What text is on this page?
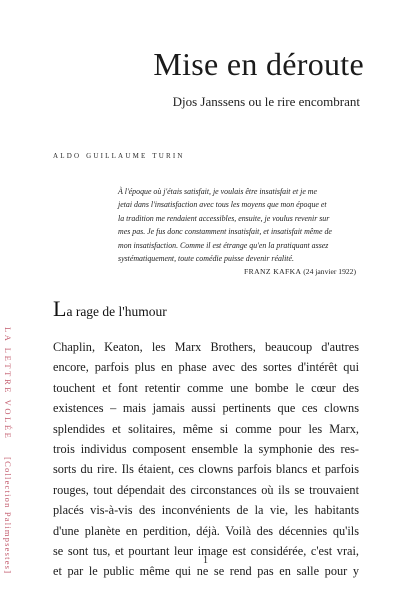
Mise en déroute
Djos Janssens ou le rire encombrant
aldo guillaume turin
À l'époque où j'étais satisfait, je voulais être insatisfait et je me
jetai dans l'insatisfaction avec tous les moyens que mon époque et
la tradition me rendaient accessibles, ensuite, je voulus revenir sur
mes pas. Je fus donc constamment insatisfait, et insatisfait même de
mon insatisfaction. Comme il est étrange qu'en la pratiquant assez
systématiquement, toute comédie puisse devenir réalité.
FRANZ KAFKA (24 janvier 1922)
La rage de l'humour
Chaplin, Keaton, les Marx Brothers, beaucoup d'autres
encore, parfois plus en phase avec des sortes d'intérêt qui
touchent et font retentir comme une bombe le cœur des
existences – mais jamais aussi pertinents que ces clowns
splendides et solitaires, même si comme pour les Marx,
trois individus composent ensemble la symphonie des res-
sorts du rire. Ils étaient, ces clowns parfois blancs et parfois
rouges, tout dépendait des circonstances où ils se trouvaient
placés vis-à-vis des inconvénients de la vie, les habitants
d'une planète en perdition, déjà. Voilà des décennies qu'ils
se sont tus, et pourtant leur image est considérée, c'est vrai,
et par le public même qui ne se rend pas en salle pour y
1
LA LETTRE VOLÉE  [Collection Palimpsestes]
